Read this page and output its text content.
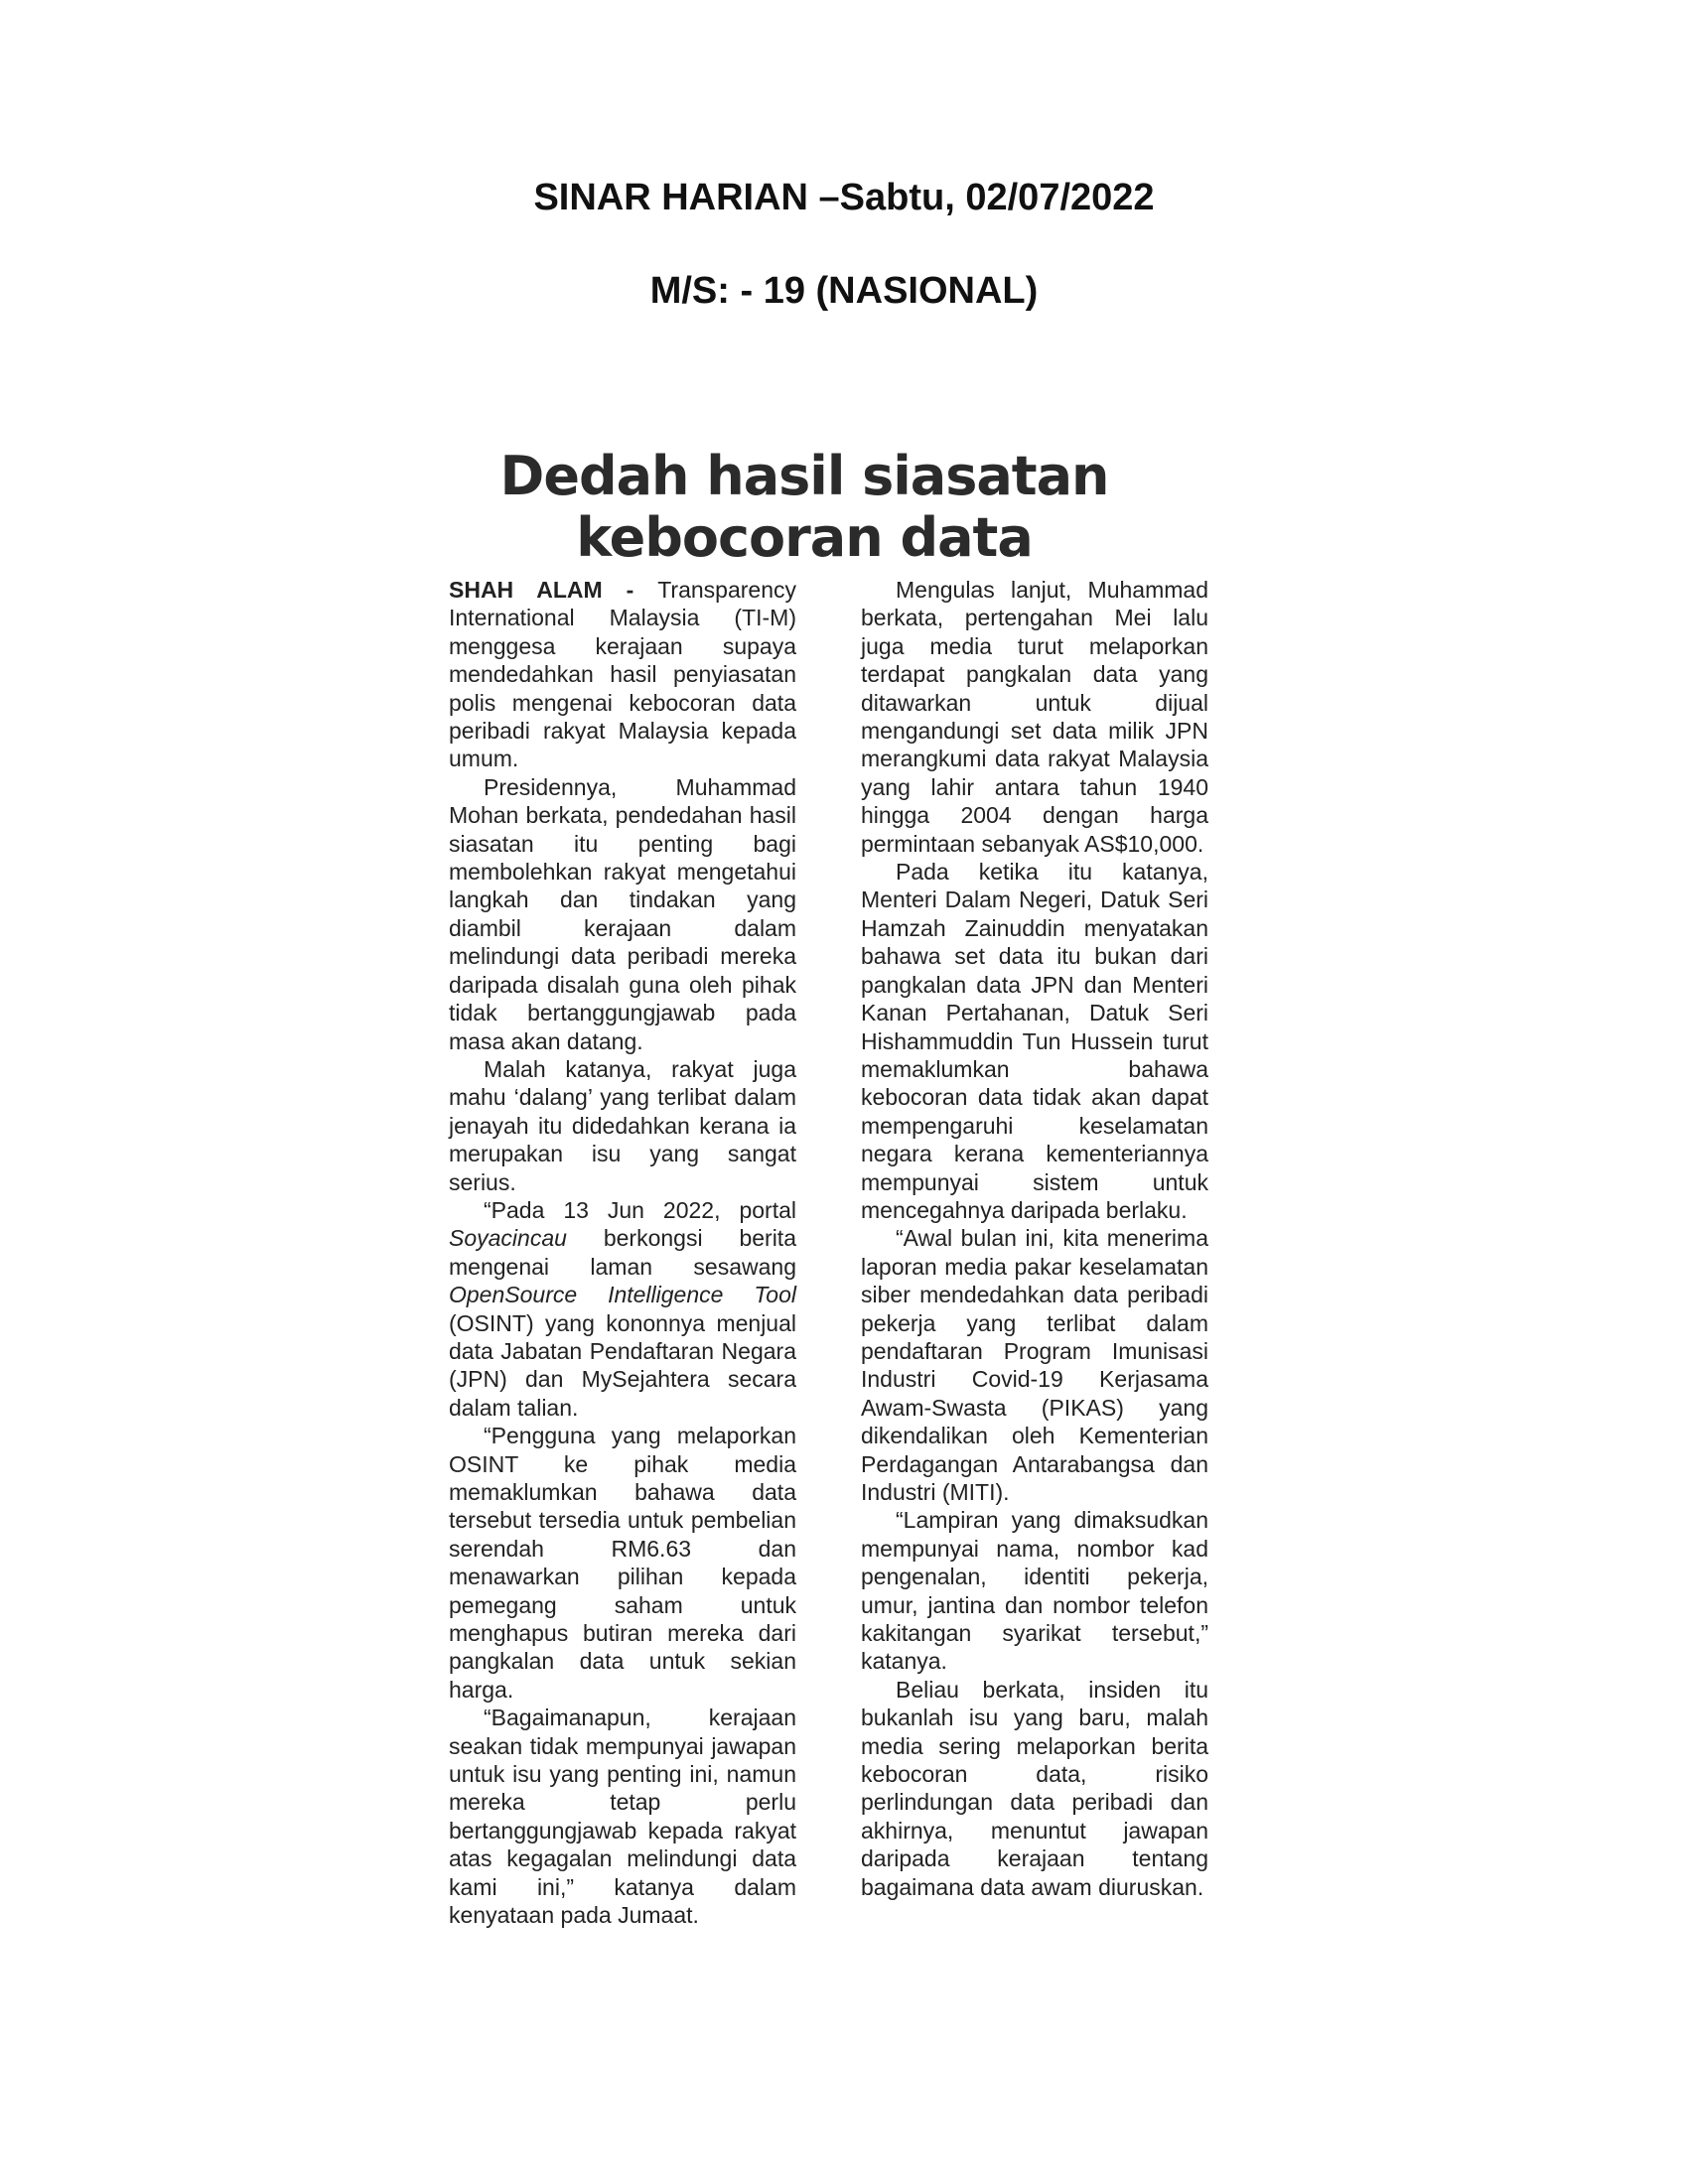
SINAR HARIAN –Sabtu, 02/07/2022
M/S: - 19 (NASIONAL)
Dedah hasil siasatan
kebocoran data

SHAH ALAM - Transparency International Malaysia (TI-M) menggesa kerajaan supaya mendedahkan hasil penyiasatan polis mengenai kebocoran data peribadi rakyat Malaysia kepada umum.

Presidennya, Muhammad Mohan berkata, pendedahan hasil siasatan itu penting bagi membolehkan rakyat mengetahui langkah dan tindakan yang diambil kerajaan dalam melindungi data peribadi mereka daripada disalah guna oleh pihak tidak bertanggungjawab pada masa akan datang.

Malah katanya, rakyat juga mahu ‘dalang’ yang terlibat dalam jenayah itu didedahkan kerana ia merupakan isu yang sangat serius.

“Pada 13 Jun 2022, portal Soyacincau berkongsi berita mengenai laman sesawang OpenSource Intelligence Tool (OSINT) yang kononnya menjual data Jabatan Pendaftaran Negara (JPN) dan MySejahtera secara dalam talian.

“Pengguna yang melaporkan OSINT ke pihak media memaklumkan bahawa data tersebut tersedia untuk pembelian serendah RM6.63 dan menawarkan pilihan kepada pemegang saham untuk menghapus butiran mereka dari pangkalan data untuk sekian harga.

“Bagaimanapun, kerajaan seakan tidak mempunyai jawapan untuk isu yang penting ini, namun mereka tetap perlu bertanggungjawab kepada rakyat atas kegagalan melindungi data kami ini,” katanya dalam kenyataan pada Jumaat.

Mengulas lanjut, Muhammad berkata, pertengahan Mei lalu juga media turut melaporkan terdapat pangkalan data yang ditawarkan untuk dijual mengandungi set data milik JPN merangkumi data rakyat Malaysia yang lahir antara tahun 1940 hingga 2004 dengan harga permintaan sebanyak AS$10,000.

Pada ketika itu katanya, Menteri Dalam Negeri, Datuk Seri Hamzah Zainuddin menyatakan bahawa set data itu bukan dari pangkalan data JPN dan Menteri Kanan Pertahanan, Datuk Seri Hishammuddin Tun Hussein turut memaklumkan bahawa kebocoran data tidak akan dapat mempengaruhi keselamatan negara kerana kementeriannya mempunyai sistem untuk mencegahnya daripada berlaku.

“Awal bulan ini, kita menerima laporan media pakar keselamatan siber mendedahkan data peribadi pekerja yang terlibat dalam pendaftaran Program Imunisasi Industri Covid-19 Kerjasama Awam-Swasta (PIKAS) yang dikendalikan oleh Kementerian Perdagangan Antarabangsa dan Industri (MITI).

“Lampiran yang dimaksudkan mempunyai nama, nombor kad pengenalan, identiti pekerja, umur, jantina dan nombor telefon kakitangan syarikat tersebut,” katanya.

Beliau berkata, insiden itu bukanlah isu yang baru, malah media sering melaporkan berita kebocoran data, risiko perlindungan data peribadi dan akhirnya, menuntut jawapan daripada kerajaan tentang bagaimana data awam diuruskan.
